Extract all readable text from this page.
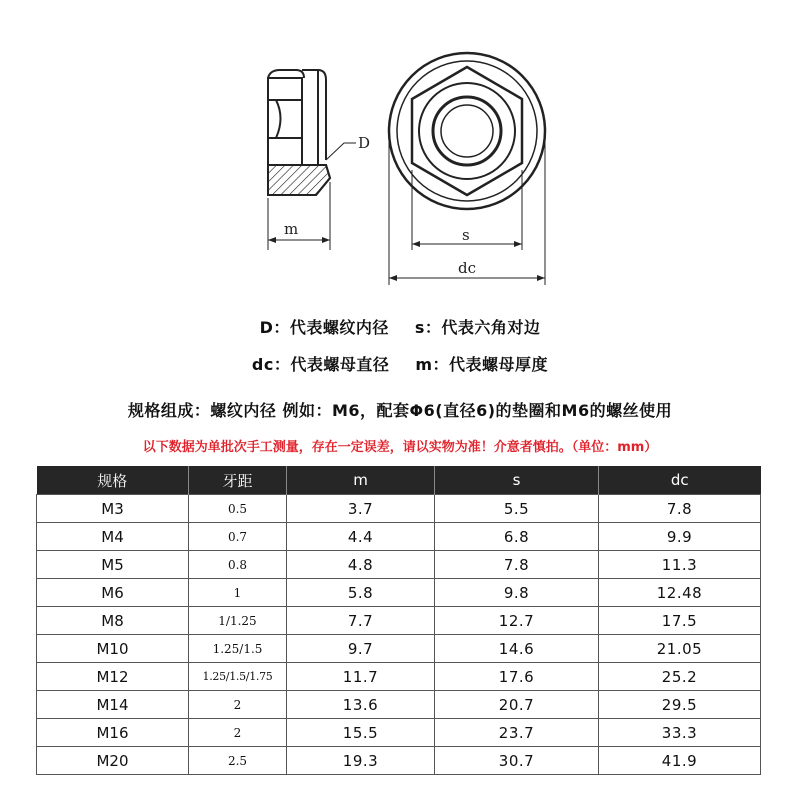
D
m	s
dc
D：代表螺纹内径 s：代表六角对边
dc：代表螺母直径 m：代表螺母厚度
规格组成：螺纹内径 例如：M6，配套Φ6(直径6)的垫圈和M6的螺丝使用
以下数据为单批次手工测量，存在一定误差，请以实物为准！介意者慎拍。（单位：mm）
规格	牙距	m	s	dc
M3	0.5	3.7	5.5	7.8
M4	0.7	4.4	6.8	9.9
M5	0.8	4.8	7.8	11.3
M6	1	5.8	9.8	12.48
M8	1/1.25	7.7	12.7	17.5
M10	1.25/1.5	9.7	14.6	21.05
M12	1.25/1.5/1.75	11.7	17.6	25.2
M14	2	13.6	20.7	29.5
M16	2	15.5	23.7	33.3
M20	2.5	19.3	30.7	41.9
